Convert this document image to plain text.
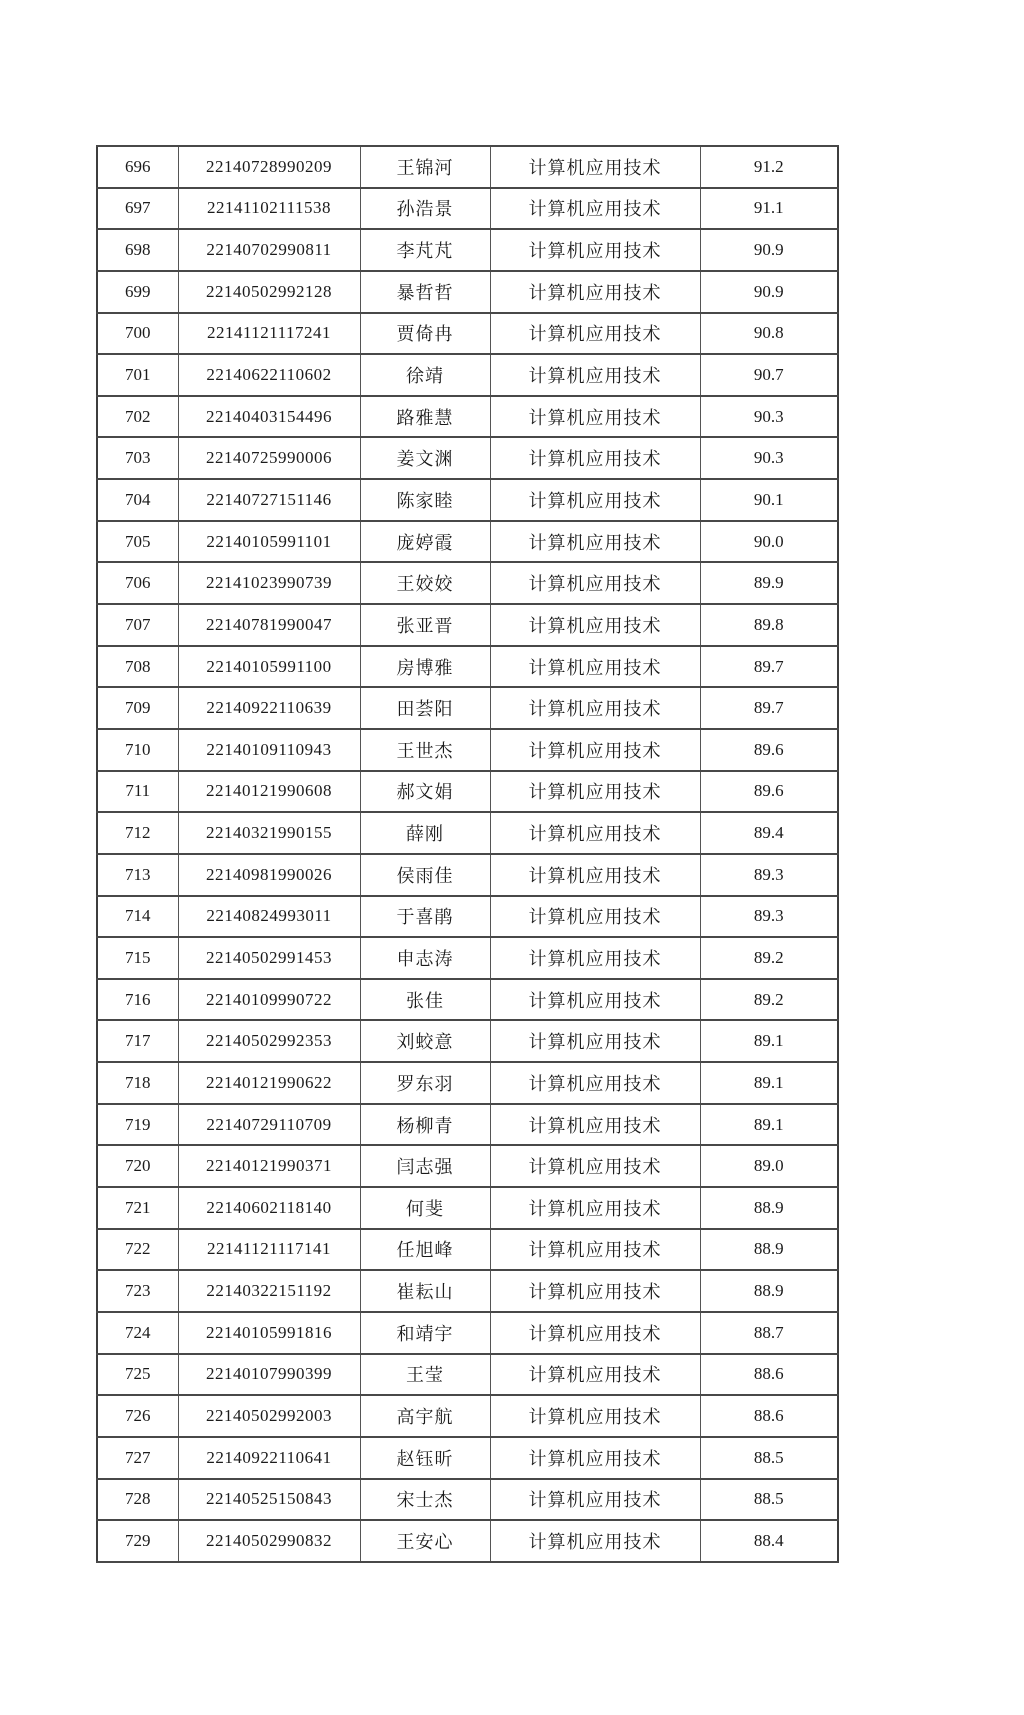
696	22140728990209	王锦河	计算机应用技术	91.2
697	22141102111538	孙浩景	计算机应用技术	91.1
698	22140702990811	李芃芃	计算机应用技术	90.9
699	22140502992128	暴哲哲	计算机应用技术	90.9
700	22141121117241	贾倚冉	计算机应用技术	90.8
701	22140622110602	徐靖	计算机应用技术	90.7
702	22140403154496	路雅慧	计算机应用技术	90.3
703	22140725990006	姜文渊	计算机应用技术	90.3
704	22140727151146	陈家睦	计算机应用技术	90.1
705	22140105991101	庞婷霞	计算机应用技术	90.0
706	22141023990739	王姣姣	计算机应用技术	89.9
707	22140781990047	张亚晋	计算机应用技术	89.8
708	22140105991100	房博雅	计算机应用技术	89.7
709	22140922110639	田荟阳	计算机应用技术	89.7
710	22140109110943	王世杰	计算机应用技术	89.6
711	22140121990608	郝文娟	计算机应用技术	89.6
712	22140321990155	薛刚	计算机应用技术	89.4
713	22140981990026	侯雨佳	计算机应用技术	89.3
714	22140824993011	于喜鹃	计算机应用技术	89.3
715	22140502991453	申志涛	计算机应用技术	89.2
716	22140109990722	张佳	计算机应用技术	89.2
717	22140502992353	刘蛟意	计算机应用技术	89.1
718	22140121990622	罗东羽	计算机应用技术	89.1
719	22140729110709	杨柳青	计算机应用技术	89.1
720	22140121990371	闫志强	计算机应用技术	89.0
721	22140602118140	何斐	计算机应用技术	88.9
722	22141121117141	任旭峰	计算机应用技术	88.9
723	22140322151192	崔耘山	计算机应用技术	88.9
724	22140105991816	和靖宇	计算机应用技术	88.7
725	22140107990399	王莹	计算机应用技术	88.6
726	22140502992003	高宇航	计算机应用技术	88.6
727	22140922110641	赵钰昕	计算机应用技术	88.5
728	22140525150843	宋士杰	计算机应用技术	88.5
729	22140502990832	王安心	计算机应用技术	88.4
